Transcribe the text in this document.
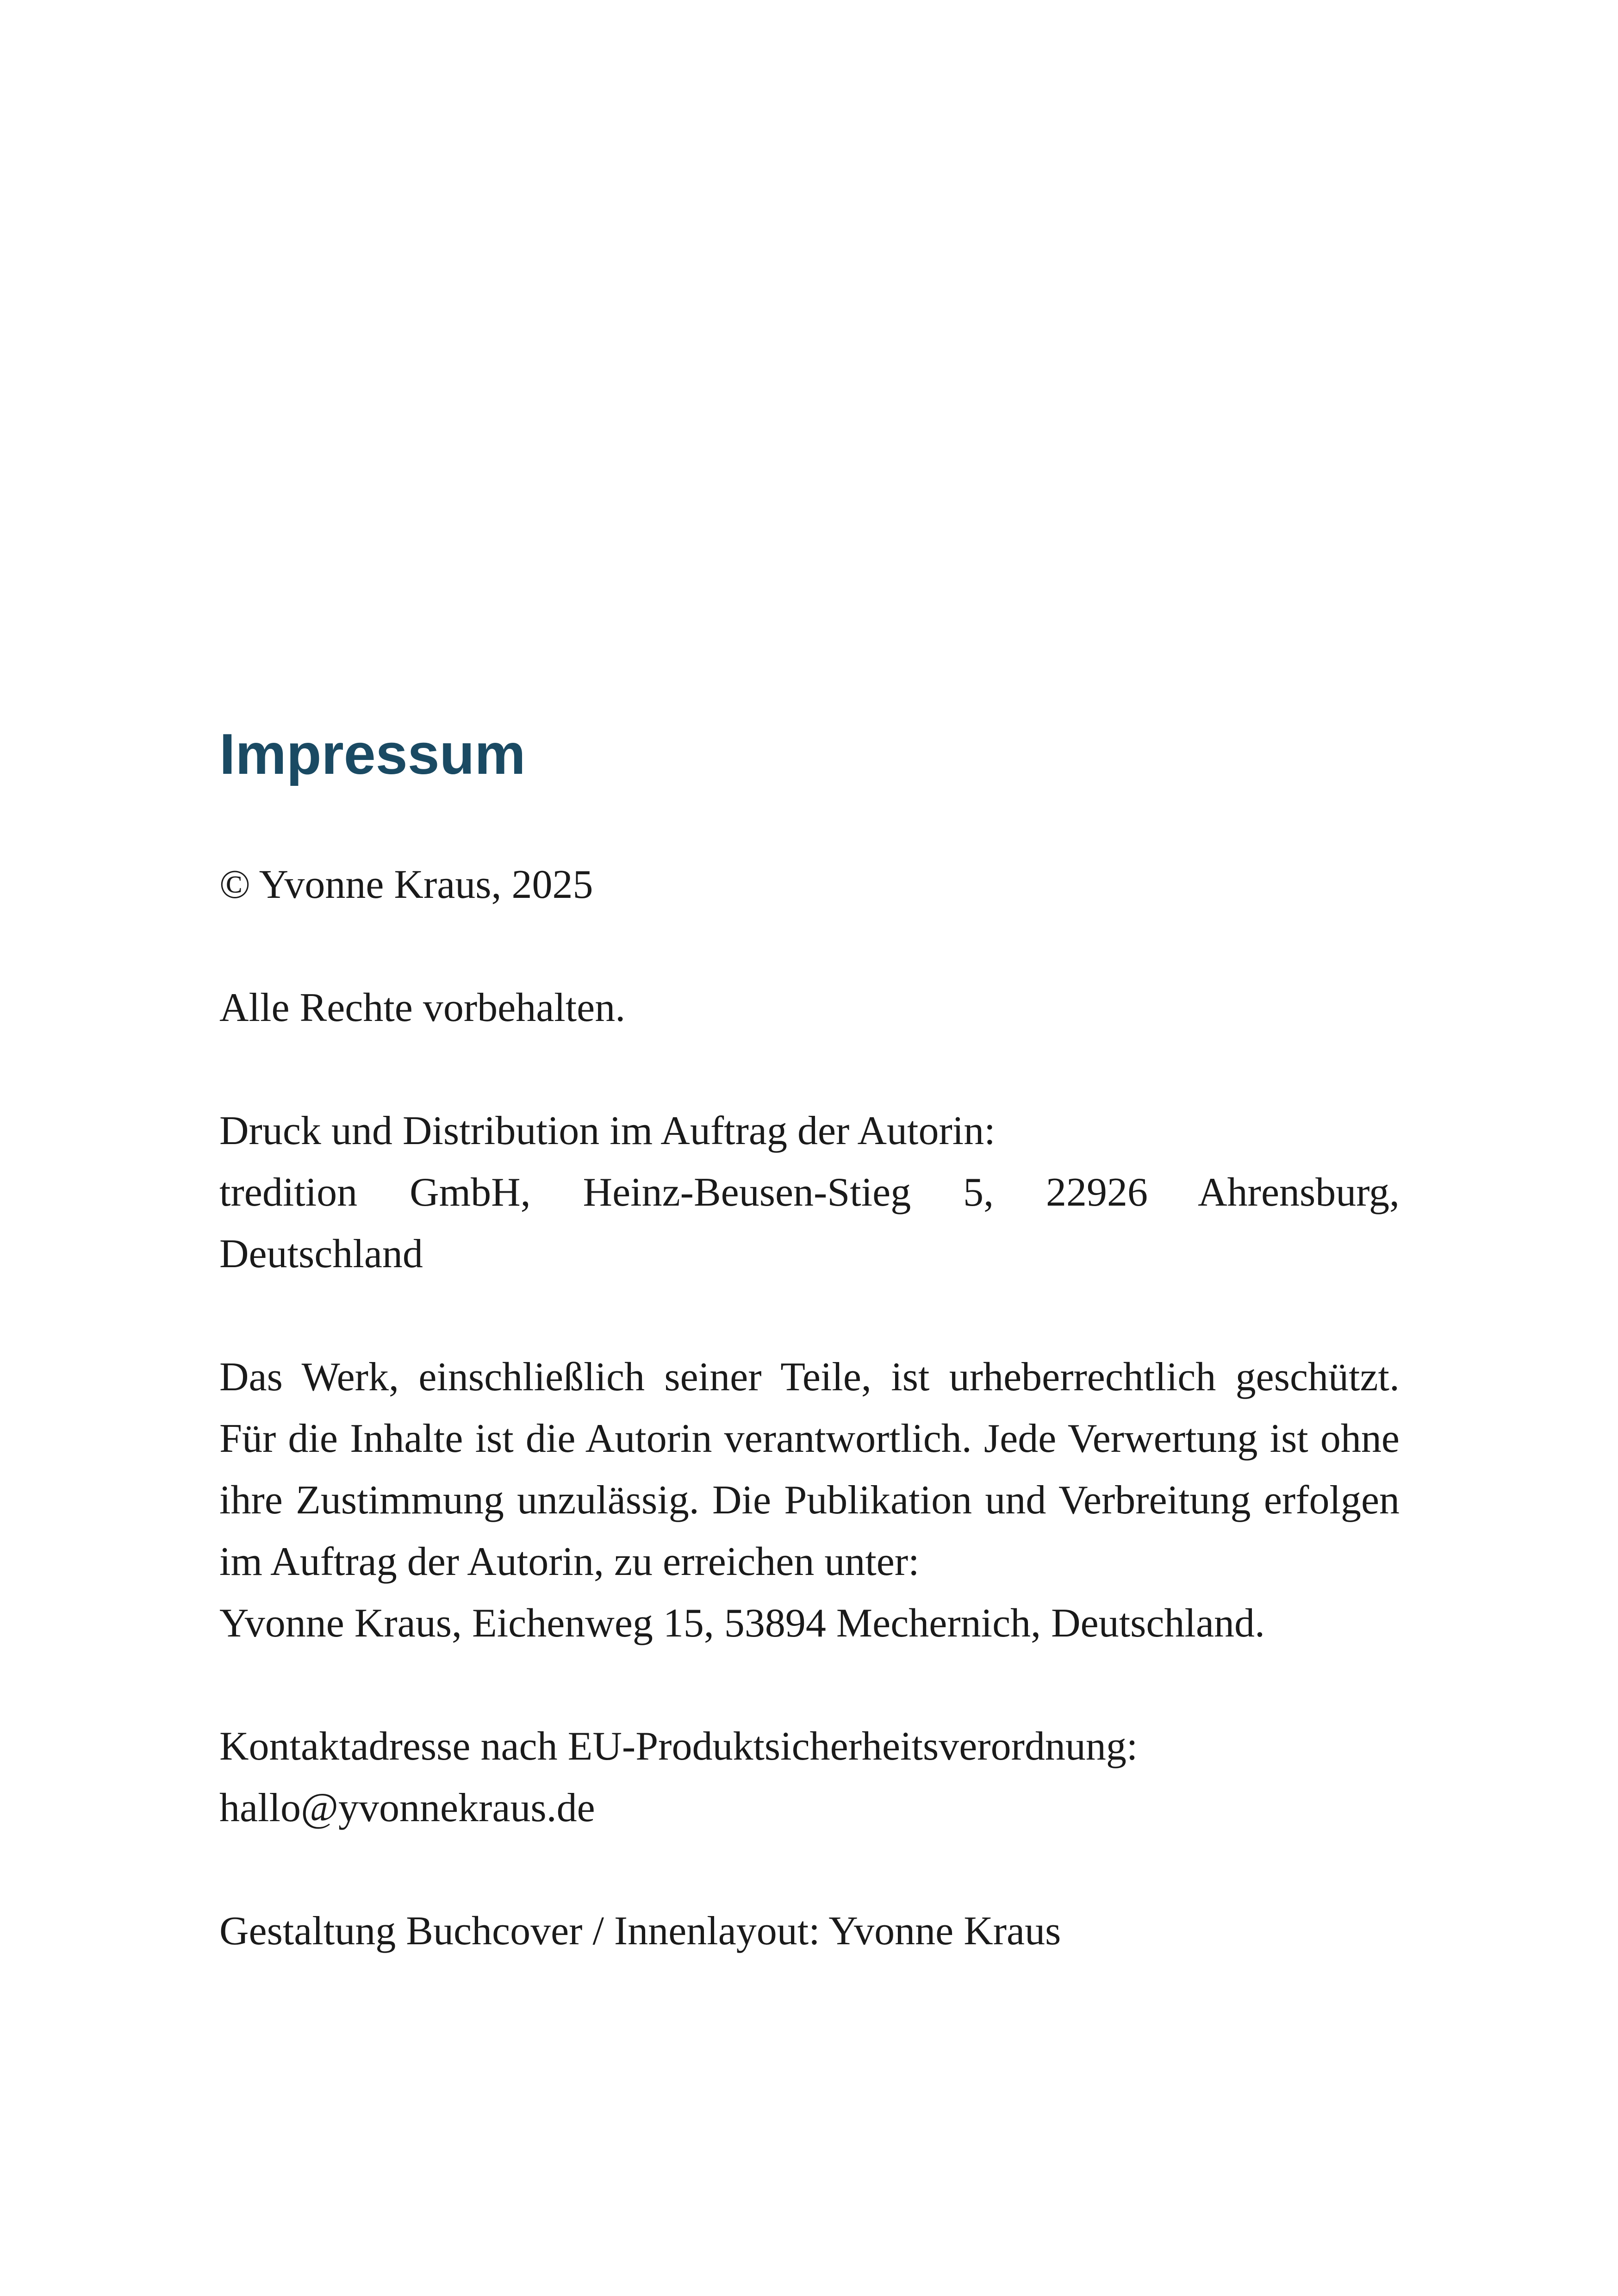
Impressum

© Yvonne Kraus, 2025

Alle Rechte vorbehalten.

Druck und Distribution im Auftrag der Autorin:
tredition GmbH, Heinz-Beusen-Stieg 5, 22926 Ahrensburg,
Deutschland
Das Werk, einschließlich seiner Teile, ist urheberrechtlich geschützt. Für die Inhalte ist die Autorin verantwortlich. Jede Verwertung ist ohne ihre Zustimmung unzulässig. Die Publikation und Verbreitung erfolgen im Auftrag der Autorin, zu erreichen unter:
Yvonne Kraus, Eichenweg 15, 53894 Mechernich, Deutschland.
Kontaktadresse nach EU-Produktsicherheitsverordnung:
hallo@yvonnekraus.de

Gestaltung Buchcover / Innenlayout: Yvonne Kraus
